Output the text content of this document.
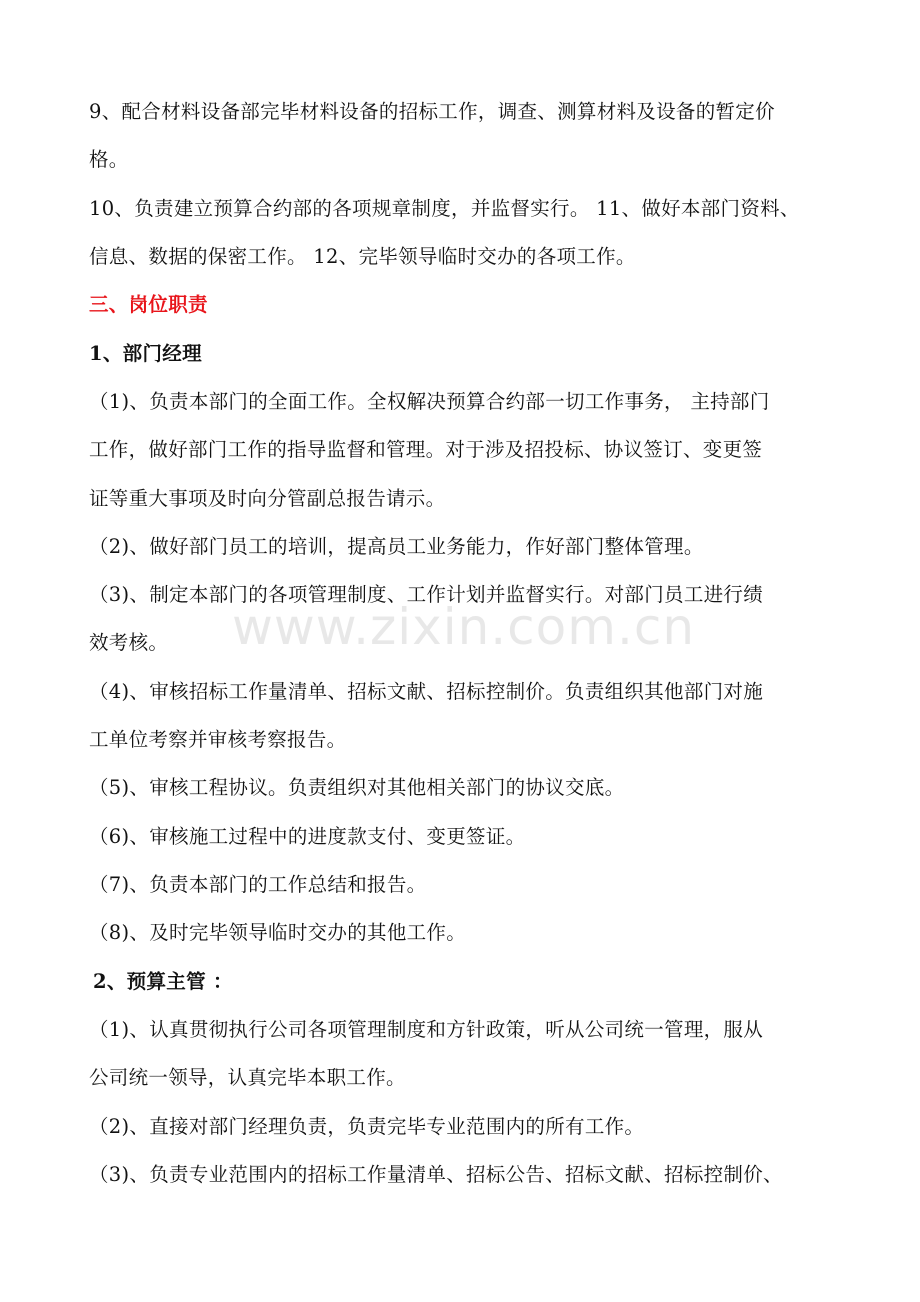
9、配合材料设备部完毕材料设备的招标工作，调查、测算材料及设备的暂定价
格。
10、负责建立预算合约部的各项规章制度，并监督实行。 11、做好本部门资料、
信息、数据的保密工作。 12、完毕领导临时交办的各项工作。
三、岗位职责
1、部门经理
（1)、负责本部门的全面工作。全权解决预算合约部一切工作事务， 主持部门
工作，做好部门工作的指导监督和管理。对于涉及招投标、协议签订、变更签
证等重大事项及时向分管副总报告请示。
（2)、做好部门员工的培训，提高员工业务能力，作好部门整体管理。
（3)、制定本部门的各项管理制度、工作计划并监督实行。对部门员工进行绩
效考核。
（4)、审核招标工作量清单、招标文献、招标控制价。负责组织其他部门对施
工单位考察并审核考察报告。
（5)、审核工程协议。负责组织对其他相关部门的协议交底。
（6)、审核施工过程中的进度款支付、变更签证。
（7)、负责本部门的工作总结和报告。
（8)、及时完毕领导临时交办的其他工作。
2、预算主管 ：
（1)、认真贯彻执行公司各项管理制度和方针政策，听从公司统一管理，服从
公司统一领导，认真完毕本职工作。
（2)、直接对部门经理负责，负责完毕专业范围内的所有工作。
（3)、负责专业范围内的招标工作量清单、招标公告、招标文献、招标控制价、
www.zixin.com.cn
